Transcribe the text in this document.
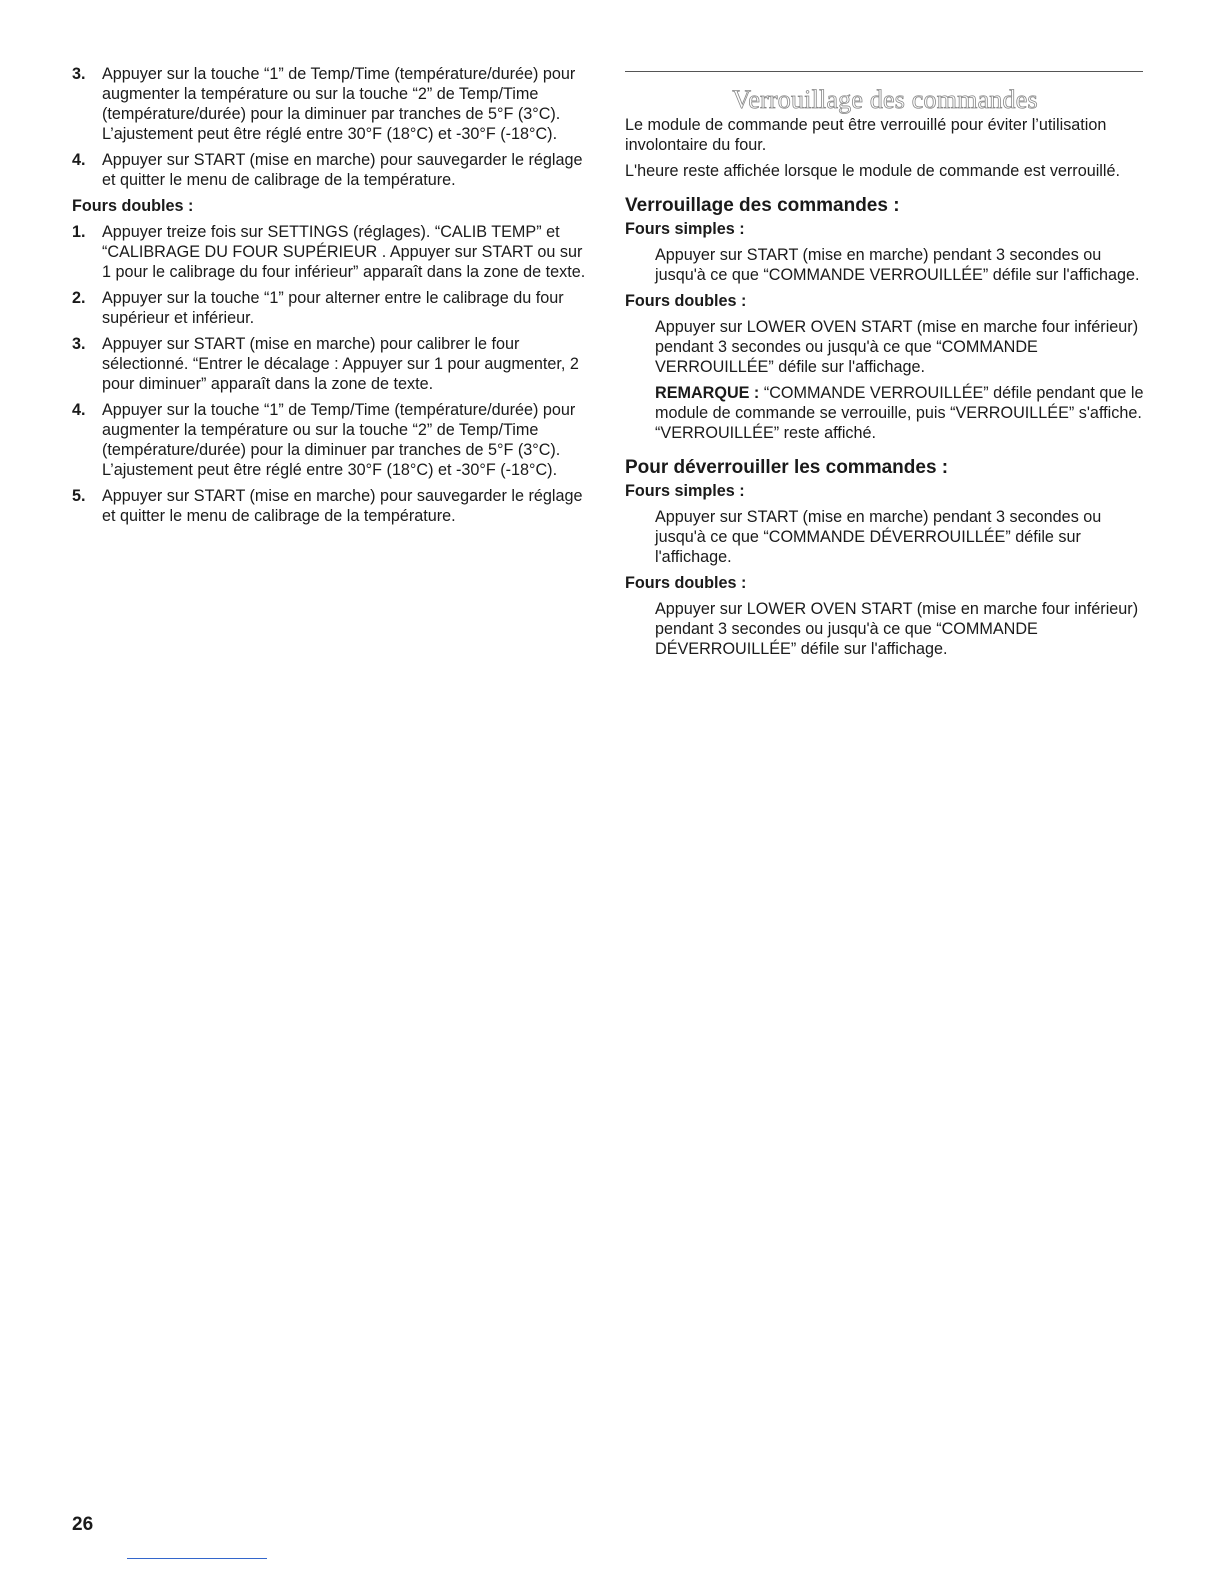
3. Appuyer sur la touche “1” de Temp/Time (température/durée) pour augmenter la température ou sur la touche “2” de Temp/Time (température/durée) pour la diminuer par tranches de 5°F (3°C). L’ajustement peut être réglé entre 30°F (18°C) et -30°F (-18°C).
4. Appuyer sur START (mise en marche) pour sauvegarder le réglage et quitter le menu de calibrage de la température.
Fours doubles :
1. Appuyer treize fois sur SETTINGS (réglages). “CALIB TEMP” et “CALIBRAGE DU FOUR SUPÉRIEUR . Appuyer sur START ou sur 1 pour le calibrage du four inférieur” apparaît dans la zone de texte.
2. Appuyer sur la touche “1” pour alterner entre le calibrage du four supérieur et inférieur.
3. Appuyer sur START (mise en marche) pour calibrer le four sélectionné. “Entrer le décalage : Appuyer sur 1 pour augmenter, 2 pour diminuer” apparaît dans la zone de texte.
4. Appuyer sur la touche “1” de Temp/Time (température/durée) pour augmenter la température ou sur la touche “2” de Temp/Time (température/durée) pour la diminuer par tranches de 5°F (3°C). L’ajustement peut être réglé entre 30°F (18°C) et -30°F (-18°C).
5. Appuyer sur START (mise en marche) pour sauvegarder le réglage et quitter le menu de calibrage de la température.
Verrouillage des commandes

Le module de commande peut être verrouillé pour éviter l’utilisation involontaire du four.

L'heure reste affichée lorsque le module de commande est verrouillé.

Verrouillage des commandes :
Fours simples :

Appuyer sur START (mise en marche) pendant 3 secondes ou jusqu'à ce que “COMMANDE VERROUILLÉE” défile sur l'affichage.

Fours doubles :

Appuyer sur LOWER OVEN START (mise en marche four inférieur) pendant 3 secondes ou jusqu'à ce que “COMMANDE VERROUILLÉE” défile sur l'affichage.

REMARQUE : “COMMANDE VERROUILLÉE” défile pendant que le module de commande se verrouille, puis “VERROUILLÉE” s'affiche. “VERROUILLÉE” reste affiché.

Pour déverrouiller les commandes :
Fours simples :

Appuyer sur START (mise en marche) pendant 3 secondes ou jusqu'à ce que “COMMANDE DÉVERROUILLÉE” défile sur l'affichage.

Fours doubles :

Appuyer sur LOWER OVEN START (mise en marche four inférieur) pendant 3 secondes ou jusqu'à ce que “COMMANDE DÉVERROUILLÉE” défile sur l'affichage.

26
